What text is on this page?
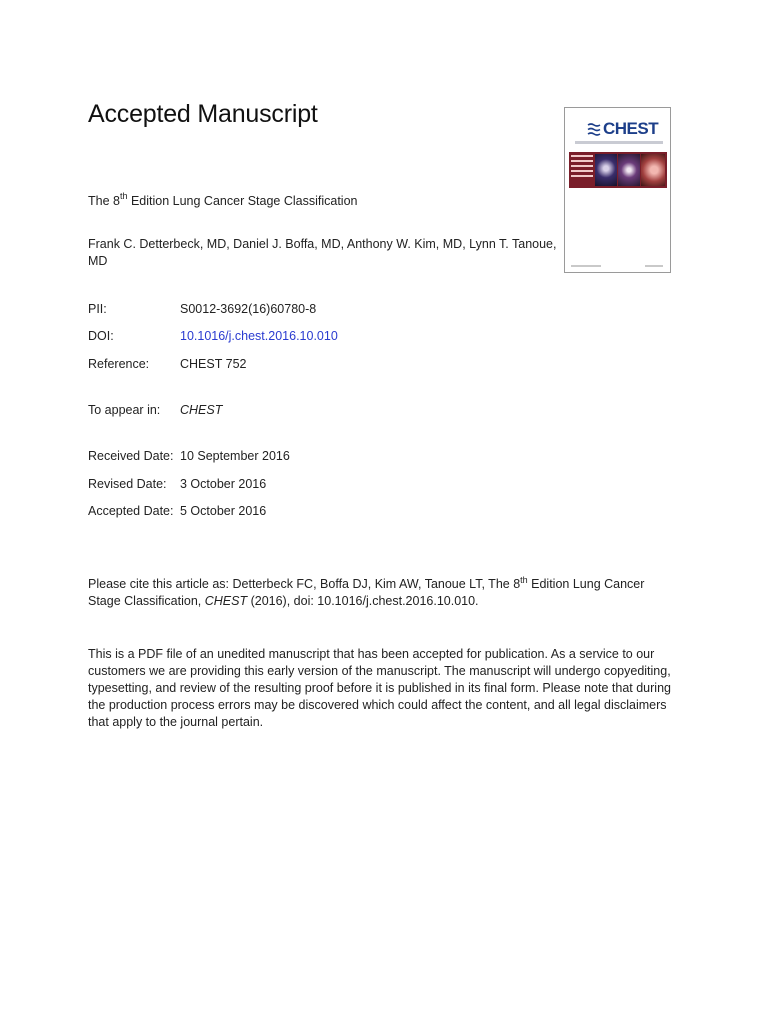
Accepted Manuscript
The 8th Edition Lung Cancer Stage Classification
Frank C. Detterbeck, MD, Daniel J. Boffa, MD, Anthony W. Kim, MD, Lynn T. Tanoue, MD
CHEST
PII:	S0012-3692(16)60780-8
DOI:	10.1016/j.chest.2016.10.010
Reference:	CHEST 752
To appear in:	CHEST
Received Date: 10 September 2016
Revised Date:	3 October 2016
Accepted Date: 5 October 2016
Please cite this article as: Detterbeck FC, Boffa DJ, Kim AW, Tanoue LT, The 8th Edition Lung Cancer Stage Classification, CHEST (2016), doi: 10.1016/j.chest.2016.10.010.
This is a PDF file of an unedited manuscript that has been accepted for publication. As a service to our customers we are providing this early version of the manuscript. The manuscript will undergo copyediting, typesetting, and review of the resulting proof before it is published in its final form. Please note that during the production process errors may be discovered which could affect the content, and all legal disclaimers that apply to the journal pertain.
